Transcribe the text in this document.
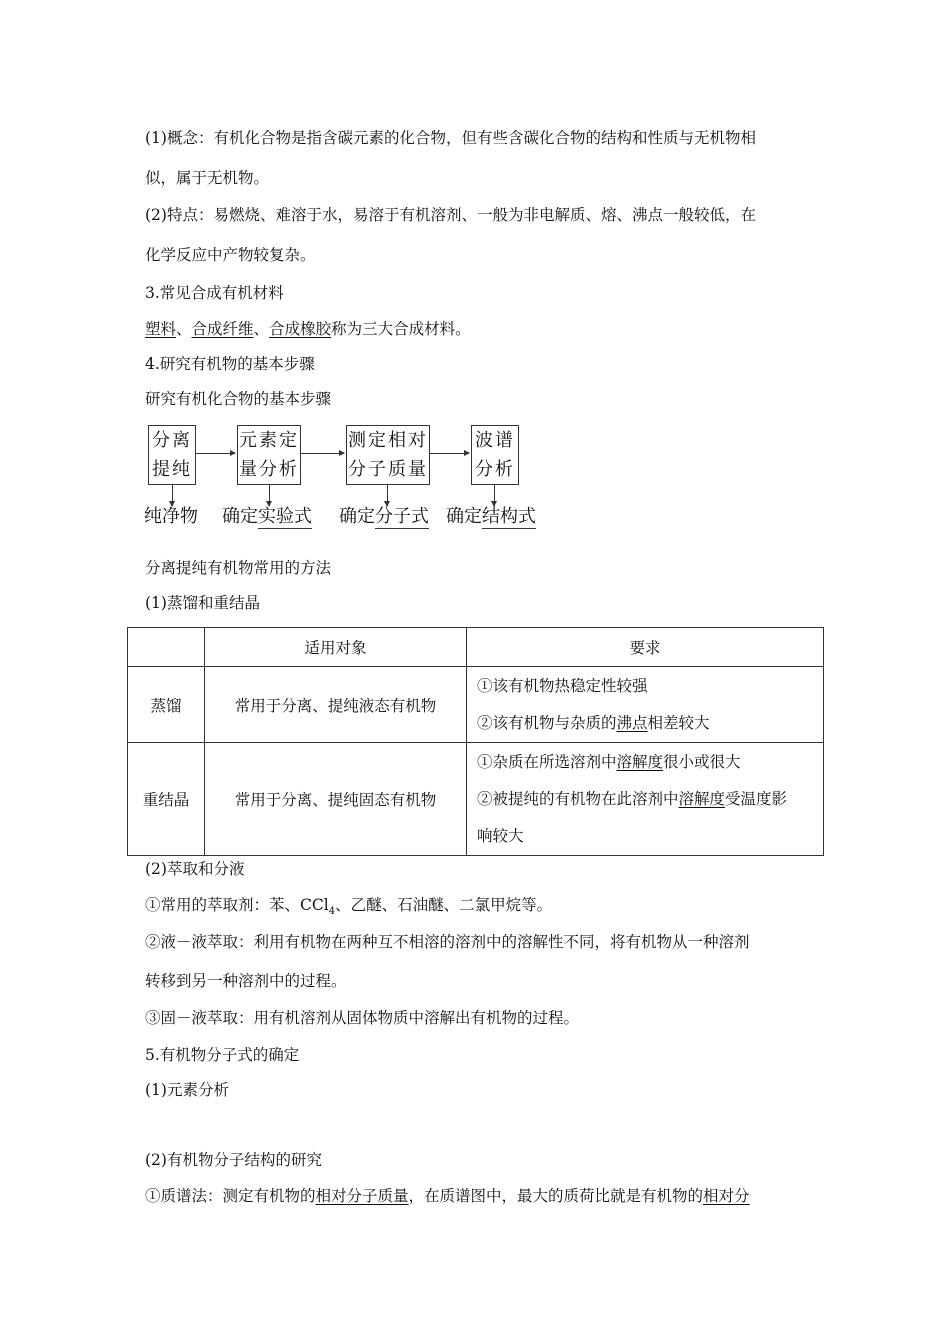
(1)概念：有机化合物是指含碳元素的化合物，但有些含碳化合物的结构和性质与无机物相
似，属于无机物。
(2)特点：易燃烧、难溶于水，易溶于有机溶剂、一般为非电解质、熔、沸点一般较低，在
化学反应中产物较复杂。
3.常见合成有机材料
塑料、合成纤维、合成橡胶称为三大合成材料。
4.研究有机物的基本步骤
研究有机化合物的基本步骤
分离
提纯
元素定
量分析
测定相对
分子质量
波谱
分析
纯净物 确定实验式 确定分子式 确定结构式
分离提纯有机物常用的方法
(1)蒸馏和重结晶
	适用对象	要求
蒸馏	常用于分离、提纯液态有机物	①该有机物热稳定性较强
②该有机物与杂质的沸点相差较大

重结晶	常用于分离、提纯固态有机物	①杂质在所选溶剂中溶解度很小或很大
②被提纯的有机物在此溶剂中溶解度受温度影
响较大
(2)萃取和分液
①常用的萃取剂：苯、CCl$_4$、乙醚、石油醚、二氯甲烷等。
②液－液萃取：利用有机物在两种互不相溶的溶剂中的溶解性不同，将有机物从一种溶剂
转移到另一种溶剂中的过程。
③固－液萃取：用有机溶剂从固体物质中溶解出有机物的过程。
5.有机物分子式的确定
(1)元素分析
(2)有机物分子结构的研究
①质谱法：测定有机物的相对分子质量，在质谱图中，最大的质荷比就是有机物的相对分
